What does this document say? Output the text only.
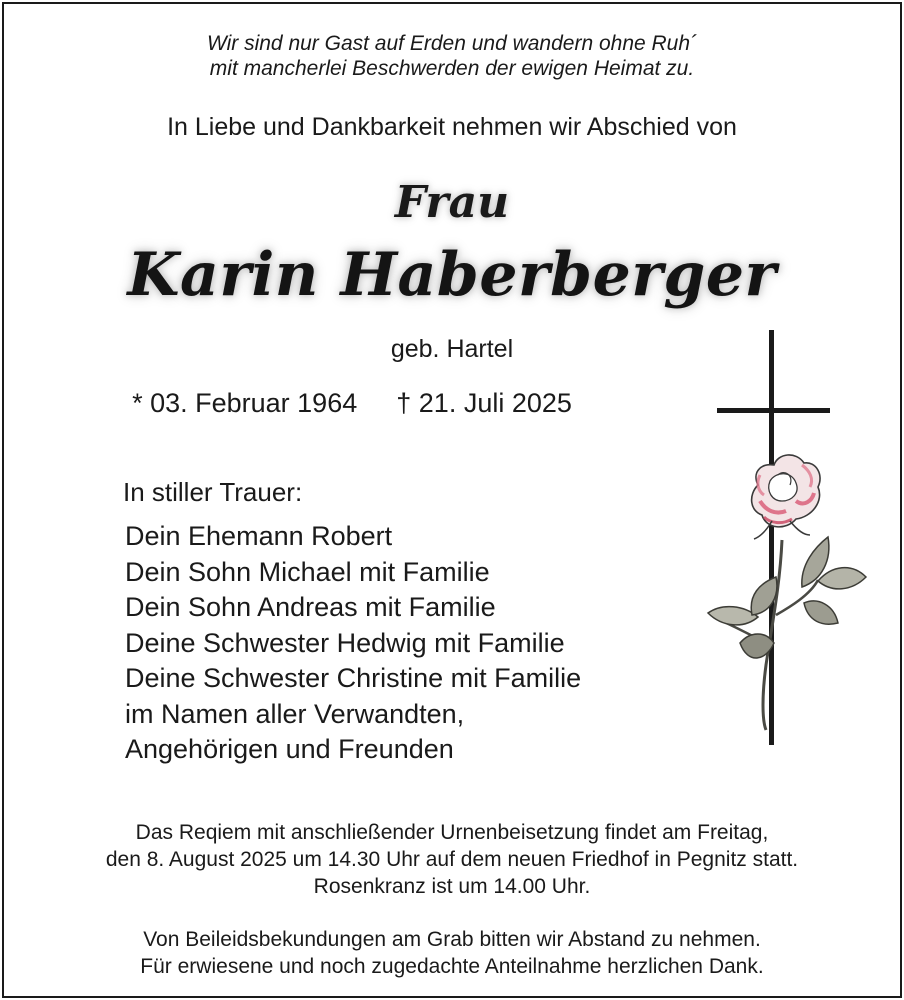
Wir sind nur Gast auf Erden und wandern ohne Ruh´
mit mancherlei Beschwerden der ewigen Heimat zu.
In Liebe und Dankbarkeit nehmen wir Abschied von
Frau
Karin Haberberger
geb. Hartel
* 03. Februar 1964 † 21. Juli 2025
In stiller Trauer:
Dein Ehemann Robert
Dein Sohn Michael mit Familie
Dein Sohn Andreas mit Familie
Deine Schwester Hedwig mit Familie
Deine Schwester Christine mit Familie
im Namen aller Verwandten,
Angehörigen und Freunden
Das Reqiem mit anschließender Urnenbeisetzung findet am Freitag,
den 8. August 2025 um 14.30 Uhr auf dem neuen Friedhof in Pegnitz statt.
Rosenkranz ist um 14.00 Uhr.
Von Beileidsbekundungen am Grab bitten wir Abstand zu nehmen.
Für erwiesene und noch zugedachte Anteilnahme herzlichen Dank.
